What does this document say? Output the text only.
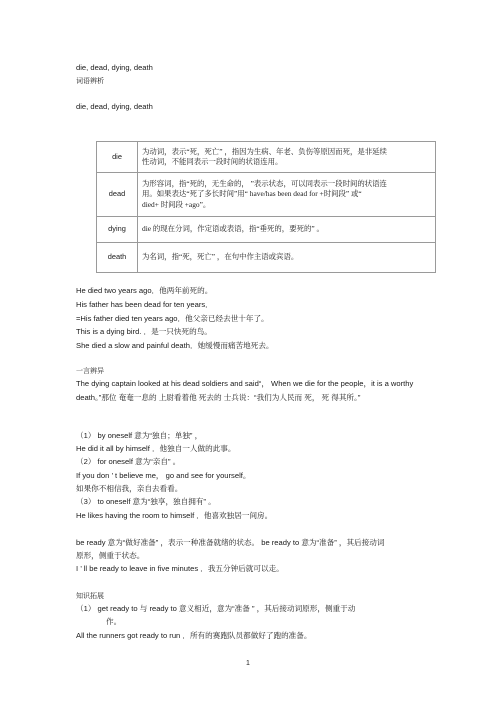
die, dead, dying, death
词语辨析
die, dead, dying, death
die	为动词，表示“死，死亡” ，指因为生病、年老、负伤等原因而死，是非延续
性动词，不能同表示一段时间的状语连用。

dead	为形容词，指“死的，无生命的， ”表示状态，可以同表示一段时间的状语连
用。如果表达“死了多长时间”用“ have/has been dead for +时间段” 或“
died+ 时间段 +ago”。

dying	die 的现在分词，作定语或表语，指“垂死的，要死的” 。

death	为名词，指“死，死亡” ，在句中作主语或宾语。
He died two years ago．他两年前死的。
His father has been dead for ten years．
=His father died ten years ago．他父亲已经去世十年了。
This is a dying bird. ．是一只快死的鸟。
She died a slow and painful death．她缓慢而痛苦地死去。
一言辨异
The dying captain looked at his dead soldiers and said“， When we die for the people，it is a worthy
death。”那位 奄奄一息的 上尉看着他 死去的 士兵说：“我们为人民而 死， 死 得其所。”
（1） by oneself 意为“独自；单独” ，
He did it all by himself ．他独自一人做的此事。
（2） for oneself 意为“亲自” 。
If you don ’ t believe me， go and see for yourself。
如果你不相信我，亲自去看看。
（3） to oneself 意为“独享，独自拥有” 。
He likes having the room to himself ．他喜欢独居一间房。
be ready 意为“做好准备” ，表示一种准备就绪的状态。 be ready to 意为“准备” ，其后接动词
原形，侧重于状态。
I ’ ll be ready to leave in five minutes ．我五分钟后就可以走。
知识拓展
（1） get ready to 与 ready to 意义相近，意为“准备 ” ，其后接动词原形，侧重于动
作。
All the runners got ready to run ．所有的赛跑队员都做好了跑的准备。
1
